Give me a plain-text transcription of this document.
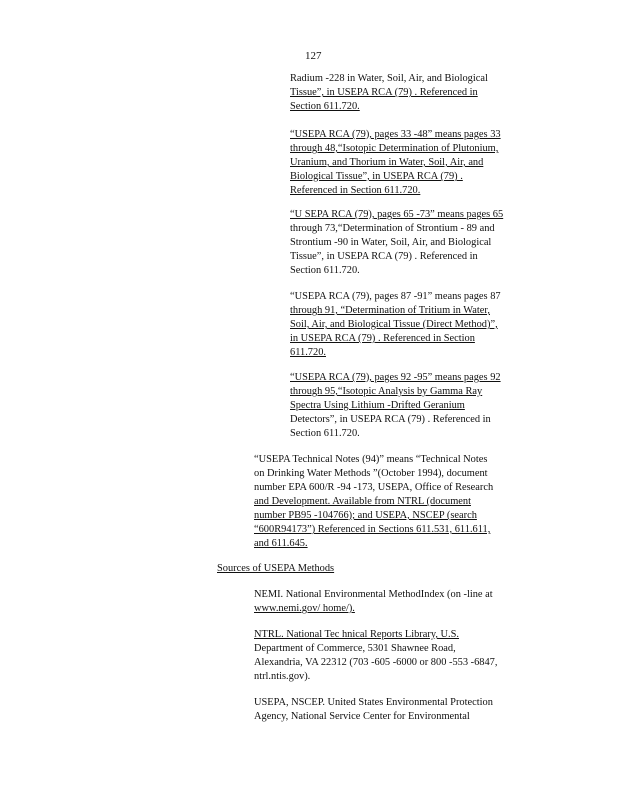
127
Radium -228 in Water, Soil, Air, and Biological
Tissue”, in USEPA RCA (79) . Referenced in
Section 611.720.
“USEPA RCA (79), pages 33 -48” means pages 33
through 48,“Isotopic Determination of Plutonium,
Uranium, and Thorium in Water, Soil, Air, and
Biological Tissue”, in USEPA RCA (79) .
Referenced in Section 611.720.
“U SEPA RCA (79), pages 65 -73” means pages 65
through 73,“Determination of Strontium - 89 and
Strontium -90 in Water, Soil, Air, and Biological
Tissue”, in USEPA RCA (79) . Referenced in
Section 611.720.
“USEPA RCA (79), pages 87 -91” means pages 87
through 91, “Determination of Tritium in Water,
Soil, Air, and Biological Tissue (Direct Method)”,
in USEPA RCA (79) . Referenced in Section
611.720.
“USEPA RCA (79), pages 92 -95” means pages 92
through 95,“Isotopic Analysis by Gamma Ray
Spectra Using Lithium -Drifted Geranium
Detectors”, in USEPA RCA (79) . Referenced in
Section 611.720.
“USEPA Technical Notes (94)” means “Technical Notes
on Drinking Water Methods ”(October 1994), document
number EPA 600/R -94 -173, USEPA, Office of Research
and Development. Available from NTRL (document
number PB95 -104766); and USEPA, NSCEP (search
“600R94173”) Referenced in Sections 611.531, 611.611,
and 611.645.
Sources of USEPA Methods
NEMI. National Environmental MethodIndex (on -line at
www.nemi.gov/ home/).
NTRL. National Tec hnical Reports Library, U.S.
Department of Commerce, 5301 Shawnee Road,
Alexandria, VA 22312 (703 -605 -6000 or 800 -553 -6847,
ntrl.ntis.gov).
USEPA, NSCEP. United States Environmental Protection
Agency, National Service Center for Environmental
